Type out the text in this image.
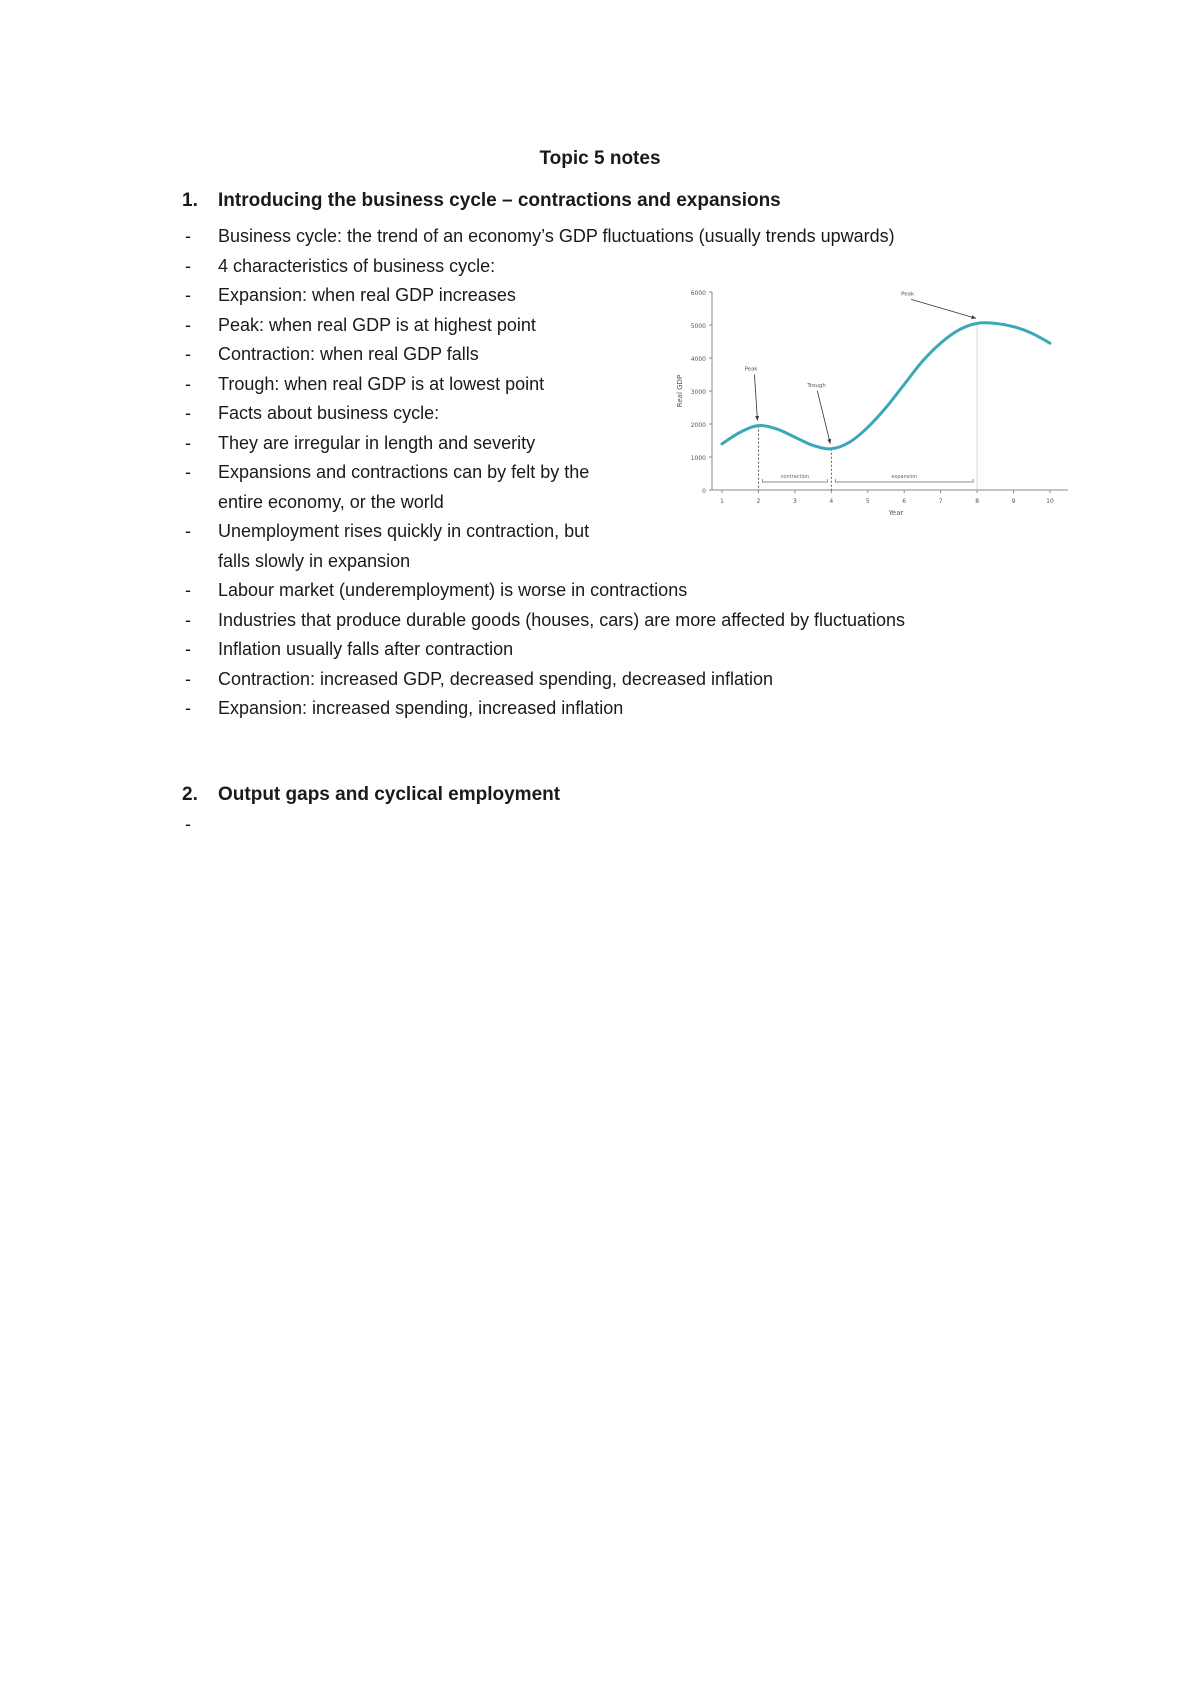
Topic 5 notes
1. Introducing the business cycle – contractions and expansions
- Business cycle: the trend of an economy’s GDP fluctuations (usually trends upwards)
- 4 characteristics of business cycle:
- Expansion: when real GDP increases
- Peak: when real GDP is at highest point
- Contraction: when real GDP falls
- Trough: when real GDP is at lowest point
- Facts about business cycle:
- They are irregular in length and severity
- Expansions and contractions can by felt by the
entire economy, or the world
- Unemployment rises quickly in contraction, but
falls slowly in expansion
- Labour market (underemployment) is worse in contractions
- Industries that produce durable goods (houses, cars) are more affected by fluctuations
- Inflation usually falls after contraction
- Contraction: increased GDP, decreased spending, decreased inflation
- Expansion: increased spending, increased inflation
2. Output gaps and cyclical employment
-
0
1000
2000
3000
4000
5000
6000
1	2	3	4	5	6	7	8	9	10
Year
Real GDP
contraction	expansion
Peak
Trough
Peak
